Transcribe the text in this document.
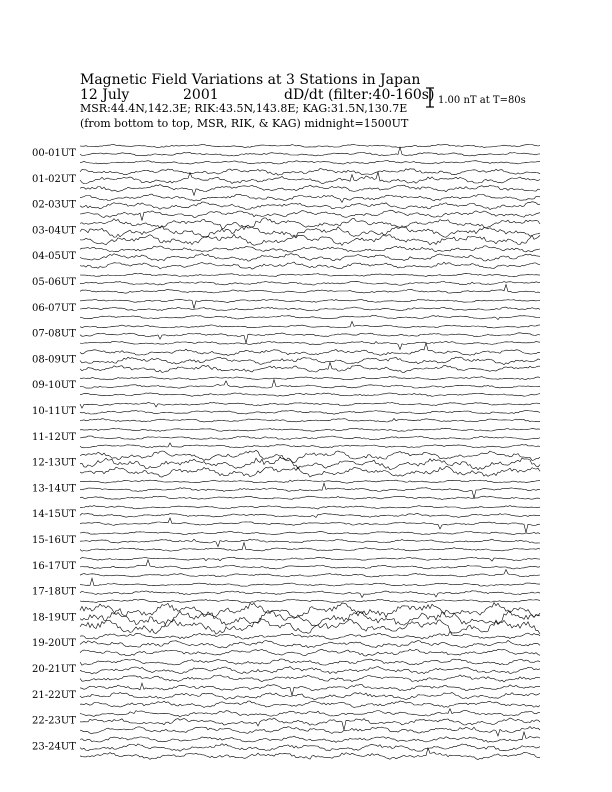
Magnetic Field Variations at 3 Stations in Japan
12 July	2001	dD/dt (filter:40-160s)
MSR:44.4N,142.3E; RIK:43.5N,143.8E; KAG:31.5N,130.7E
(from bottom to top, MSR, RIK, & KAG) midnight=1500UT
1.00 nT at T=80s
00-01UT
01-02UT
02-03UT
03-04UT
04-05UT
05-06UT
06-07UT
07-08UT
08-09UT
09-10UT
10-11UT
11-12UT
12-13UT
13-14UT
14-15UT
15-16UT
16-17UT
17-18UT
18-19UT
19-20UT
20-21UT
21-22UT
22-23UT
23-24UT
